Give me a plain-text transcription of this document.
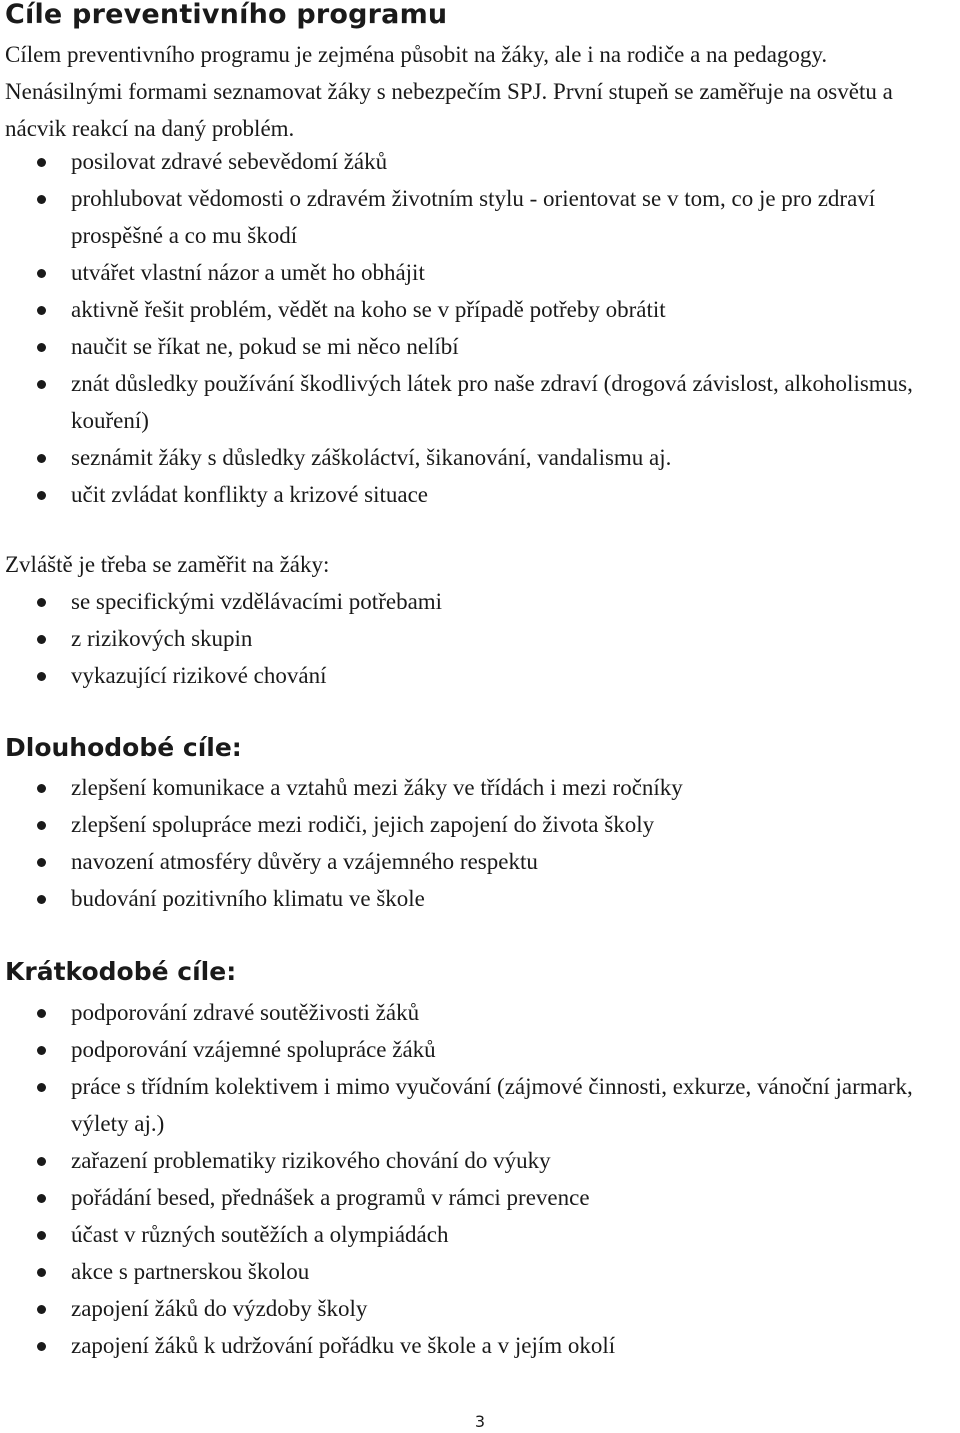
Cíle preventivního programu

Cílem preventivního programu je zejména působit na žáky, ale i na rodiče a na pedagogy. Nenásilnými formami seznamovat žáky s nebezpečím SPJ. První stupeň se zaměřuje na osvětu a nácvik reakcí na daný problém.

posilovat zdravé sebevědomí žáků
prohlubovat vědomosti o zdravém životním stylu - orientovat se v tom, co je pro zdraví prospěšné a co mu škodí
utvářet vlastní názor a umět ho obhájit
aktivně řešit problém, vědět na koho se v případě potřeby obrátit
naučit se říkat ne, pokud se mi něco nelíbí
znát důsledky používání škodlivých látek pro naše zdraví (drogová závislost, alkoholismus, kouření)
seznámit žáky s důsledky záškoláctví, šikanování, vandalismu aj.
učit zvládat konflikty a krizové situace

Zvláště je třeba se zaměřit na žáky:

se specifickými vzdělávacími potřebami
z rizikových skupin
vykazující rizikové chování
Dlouhodobé cíle:
zlepšení komunikace a vztahů mezi žáky ve třídách i mezi ročníky
zlepšení spolupráce mezi rodiči, jejich zapojení do života školy
navození atmosféry důvěry a vzájemného respektu
budování pozitivního klimatu ve škole
Krátkodobé cíle:
podporování zdravé soutěživosti žáků
podporování vzájemné spolupráce žáků
práce s třídním kolektivem i mimo vyučování (zájmové činnosti, exkurze, vánoční jarmark, výlety aj.)
zařazení problematiky rizikového chování do výuky
pořádání besed, přednášek a programů v rámci prevence
účast v různých soutěžích a olympiádách
akce s partnerskou školou
zapojení žáků do výzdoby školy
zapojení žáků k udržování pořádku ve škole a v jejím okolí
3
